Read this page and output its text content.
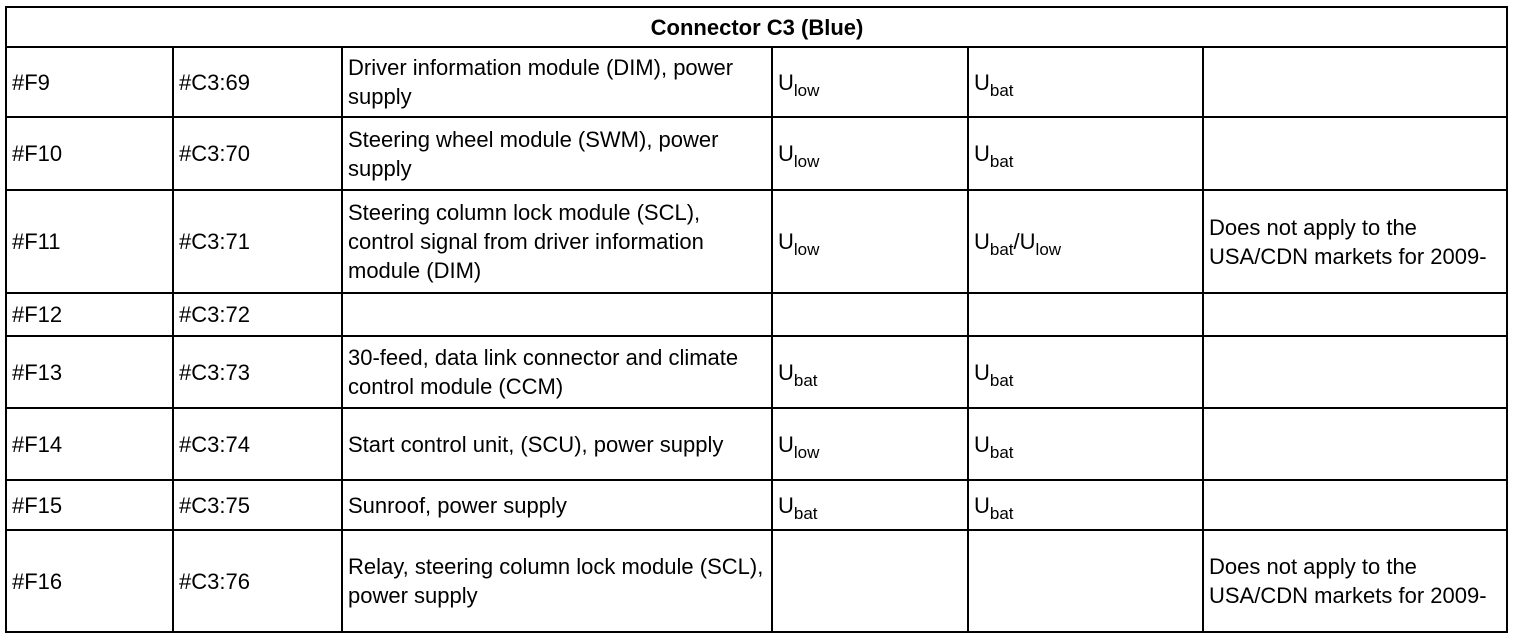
Connector C3 (Blue)					
#F9	#C3:69	Driver information module (DIM), power supply	$U_{low}$	$U_{bat}$	
#F10	#C3:70	Steering wheel module (SWM), power supply	$U_{low}$	$U_{bat}$	
#F11	#C3:71	Steering column lock module (SCL), control signal from driver information module (DIM)	$U_{low}$	$U_{bat}/U_{low}$	Does not apply to the USA/CDN markets for 2009-
#F12	#C3:72				
#F13	#C3:73	30-feed, data link connector and climate control module (CCM)	$U_{bat}$	$U_{bat}$	
#F14	#C3:74	Start control unit, (SCU), power supply	$U_{low}$	$U_{bat}$	
#F15	#C3:75	Sunroof, power supply	$U_{bat}$	$U_{bat}$	
#F16	#C3:76	Relay, steering column lock module (SCL), power supply			Does not apply to the USA/CDN markets for 2009-
